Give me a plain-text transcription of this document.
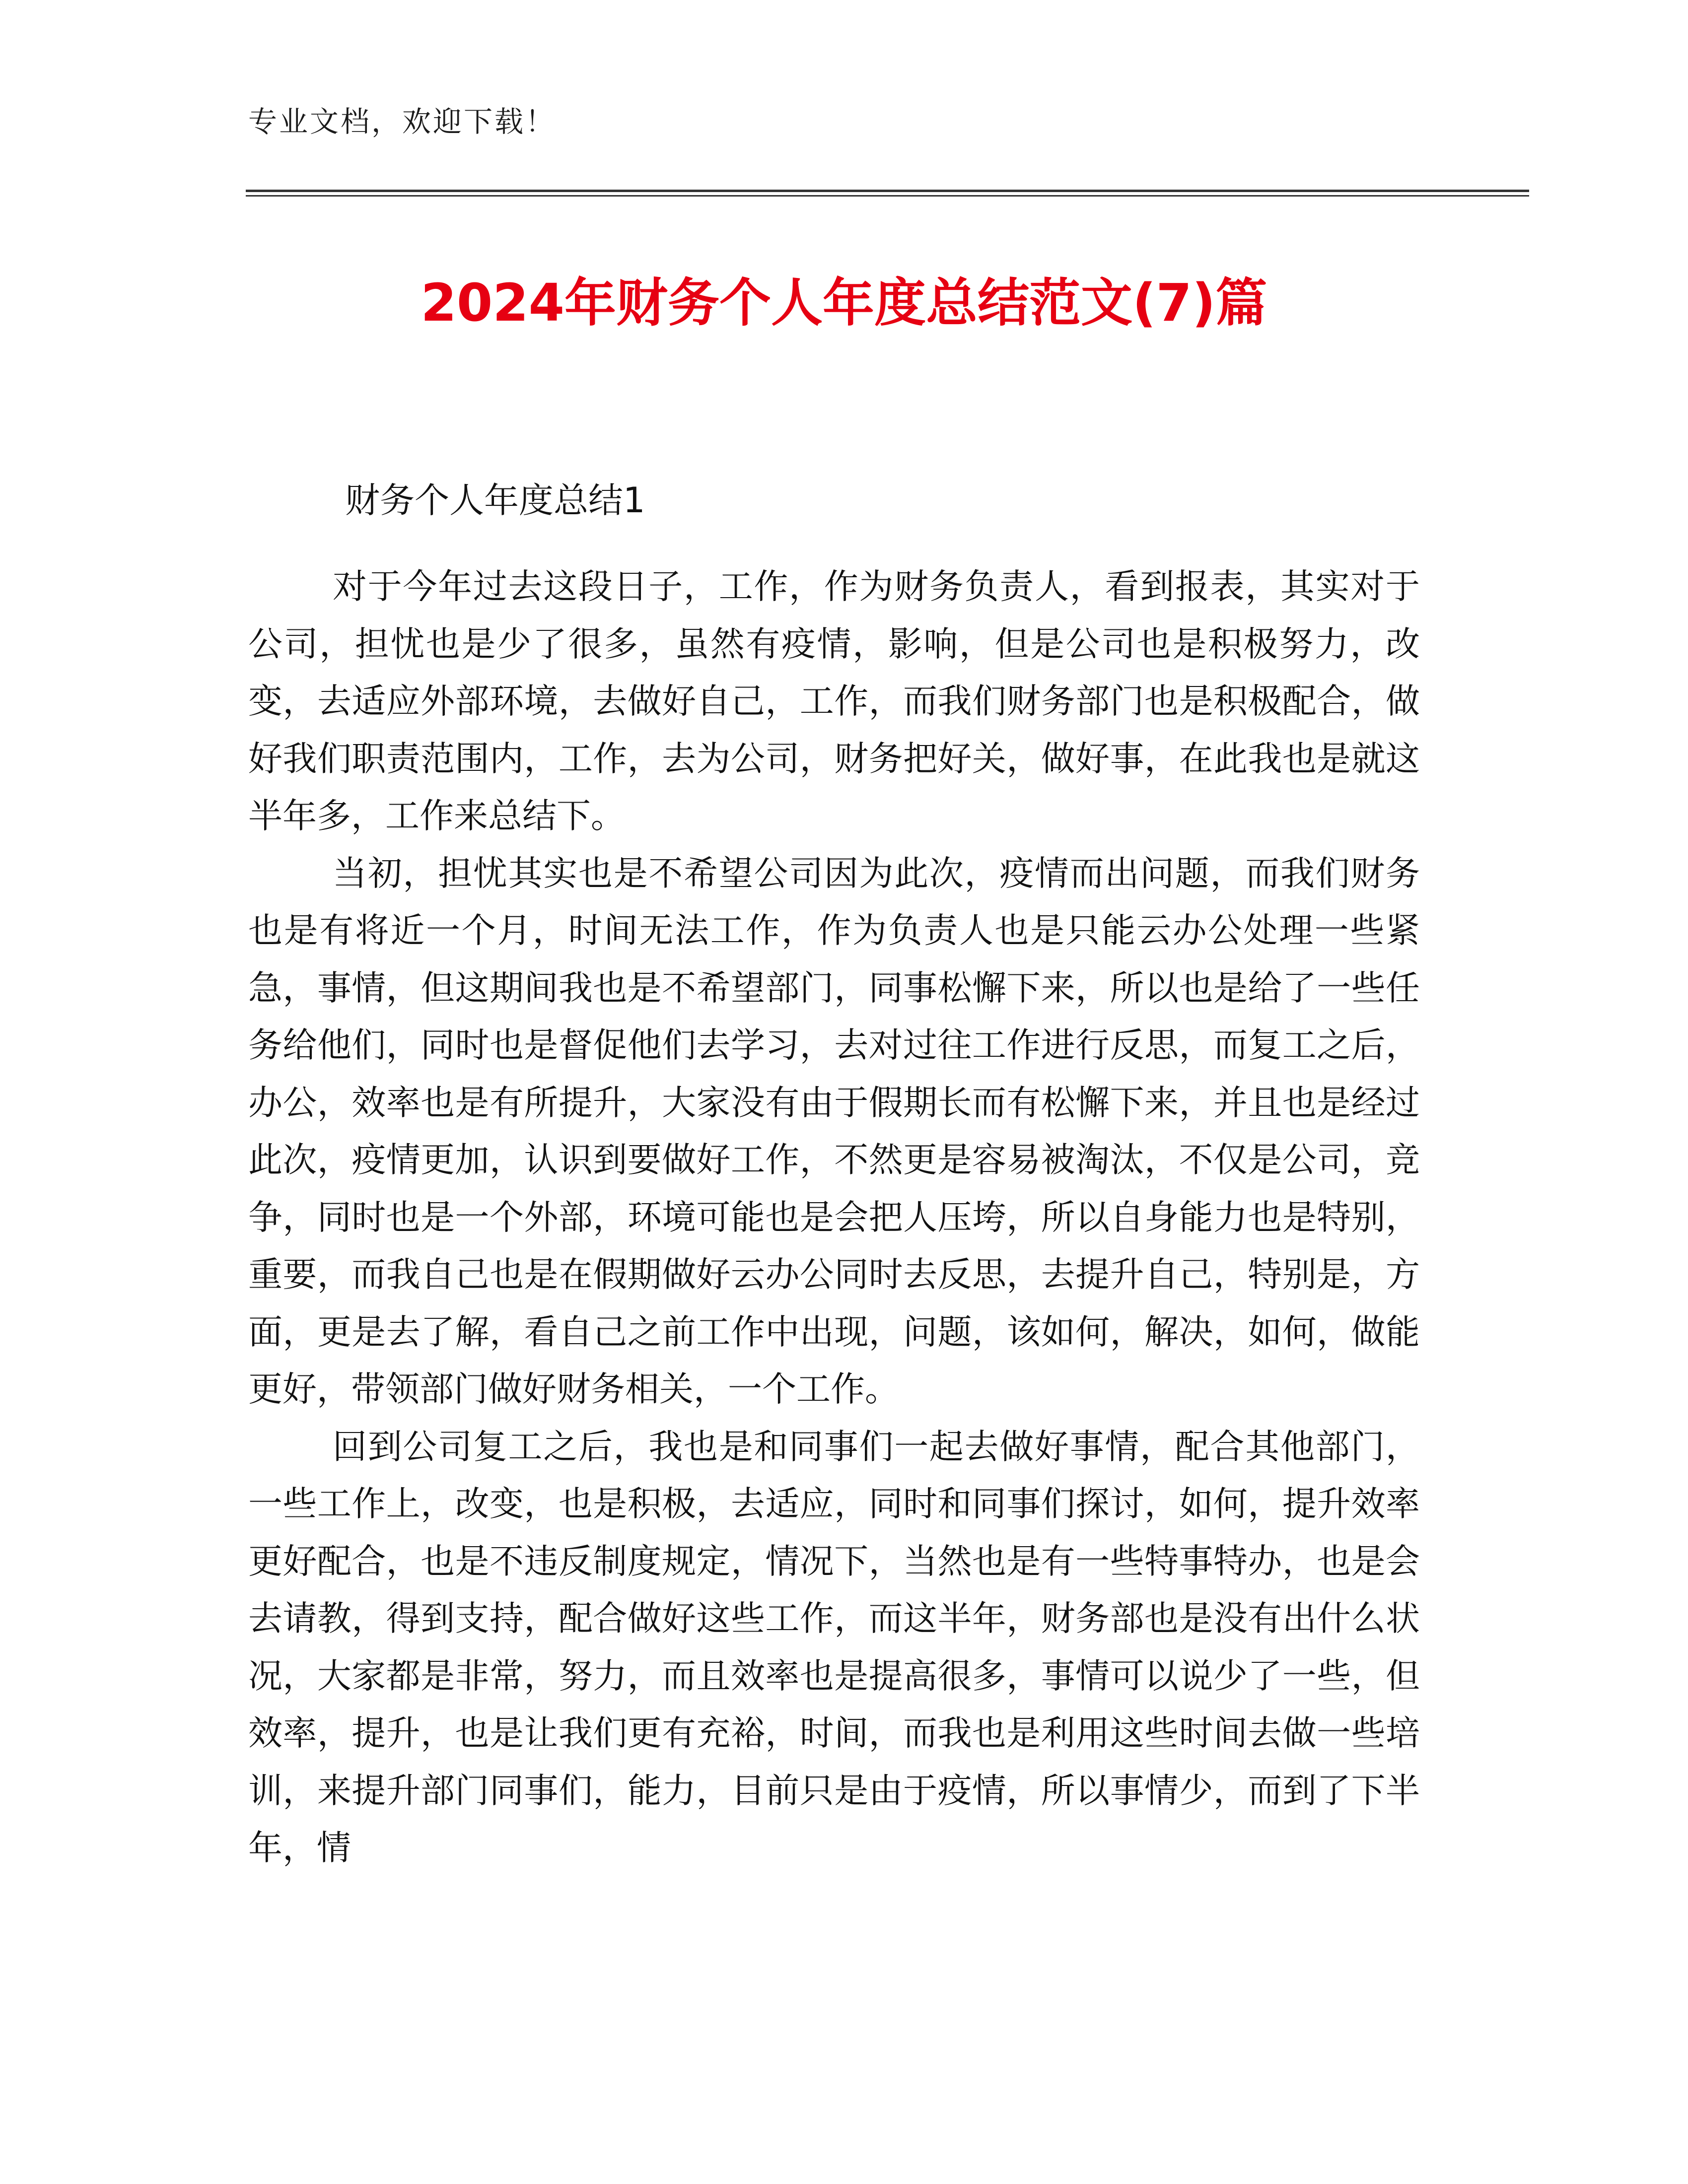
专业文档，欢迎下载！
2024年财务个人年度总结范文(7)篇
财务个人年度总结1

对于今年过去这段日子，工作，作为财务负责人，看到报表，其实对于公司，担忧也是少了很多，虽然有疫情，影响，但是公司也是积极努力，改变，去适应外部环境，去做好自己，工作，而我们财务部门也是积极配合，做好我们职责范围内，工作，去为公司，财务把好关，做好事，在此我也是就这半年多，工作来总结下。

当初，担忧其实也是不希望公司因为此次，疫情而出问题，而我们财务也是有将近一个月，时间无法工作，作为负责人也是只能云办公处理一些紧急，事情，但这期间我也是不希望部门，同事松懈下来，所以也是给了一些任务给他们，同时也是督促他们去学习，去对过往工作进行反思，而复工之后，办公，效率也是有所提升，大家没有由于假期长而有松懈下来，并且也是经过此次，疫情更加，认识到要做好工作，不然更是容易被淘汰，不仅是公司，竞争，同时也是一个外部，环境可能也是会把人压垮，所以自身能力也是特别，重要，而我自己也是在假期做好云办公同时去反思，去提升自己，特别是，方面，更是去了解，看自己之前工作中出现，问题，该如何，解决，如何，做能更好，带领部门做好财务相关，一个工作。

回到公司复工之后，我也是和同事们一起去做好事情，配合其他部门，一些工作上，改变，也是积极，去适应，同时和同事们探讨，如何，提升效率更好配合，也是不违反制度规定，情况下，当然也是有一些特事特办，也是会去请教，得到支持，配合做好这些工作，而这半年，财务部也是没有出什么状况，大家都是非常，努力，而且效率也是提高很多，事情可以说少了一些，但效率，提升，也是让我们更有充裕，时间，而我也是利用这些时间去做一些培训，来提升部门同事们，能力，目前只是由于疫情，所以事情少，而到了下半年，情
